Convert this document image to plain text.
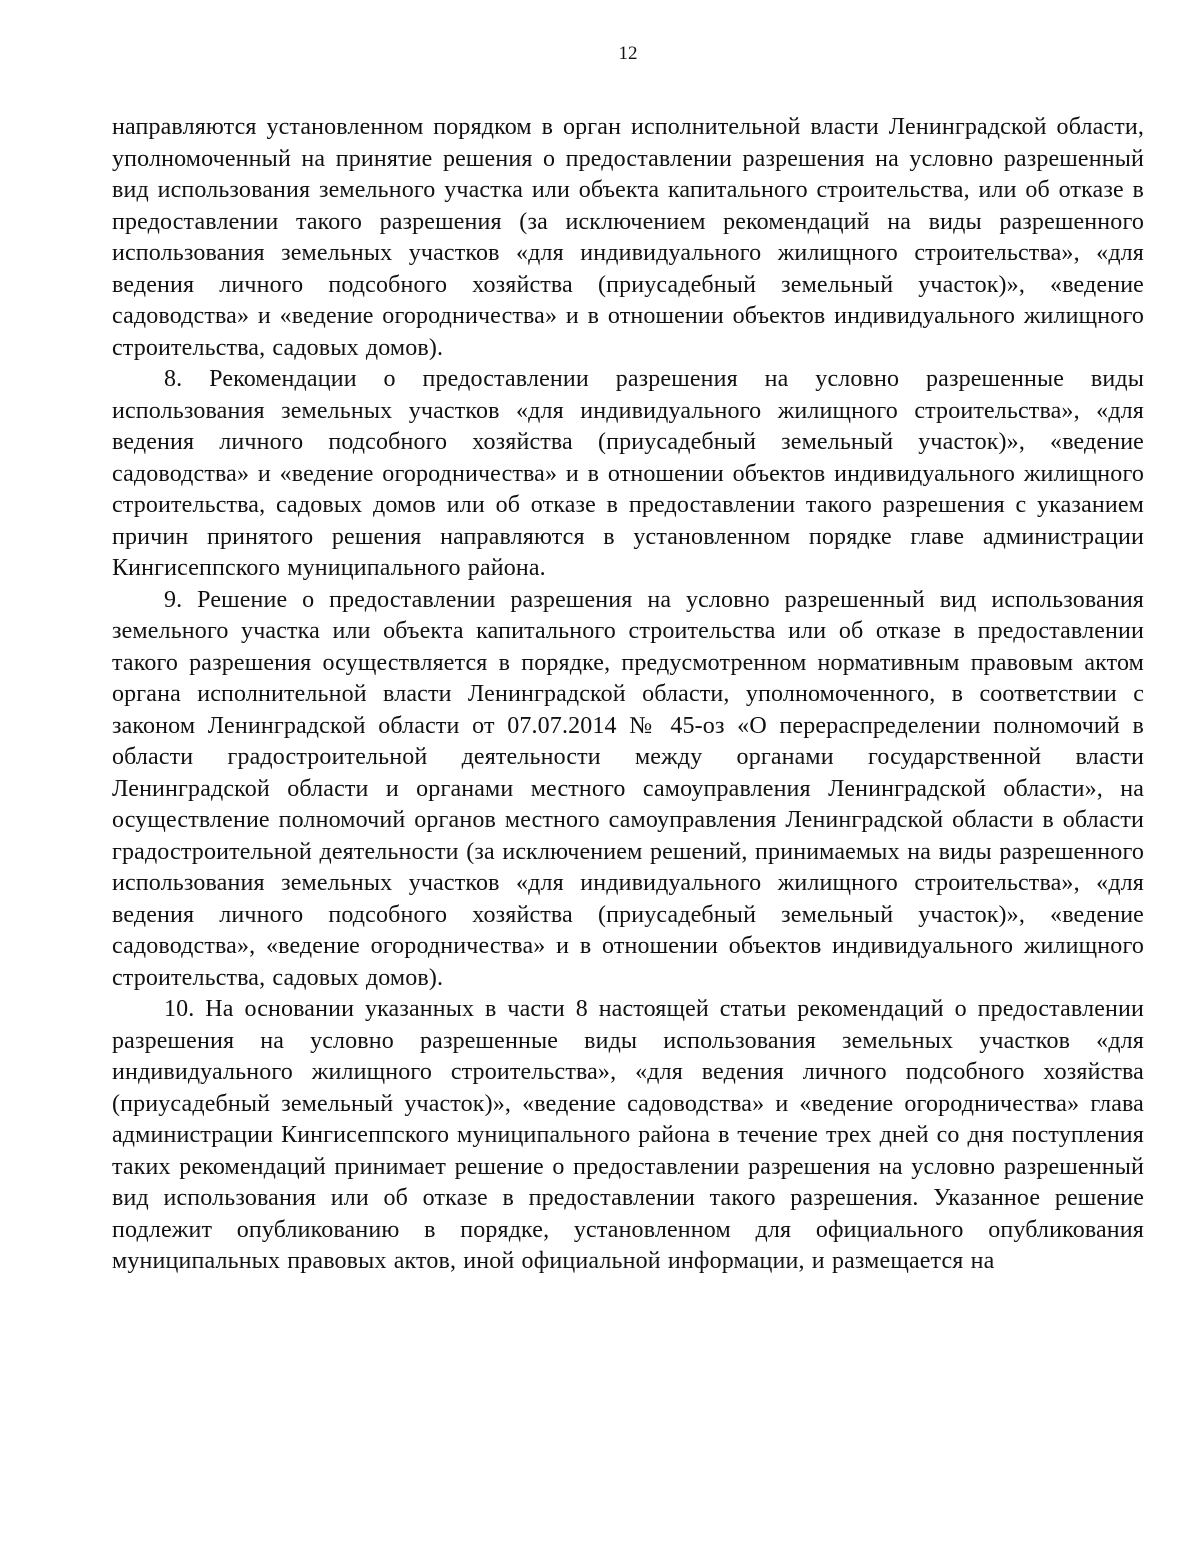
12

направляются установленном порядком в орган исполнительной власти Ленинградской области, уполномоченный на принятие решения о предоставлении разрешения на условно разрешенный вид использования земельного участка или объекта капитального строительства, или об отказе в предоставлении такого разрешения (за исключением рекомендаций на виды разрешенного использования земельных участков «для индивидуального жилищного строительства», «для ведения личного подсобного хозяйства (приусадебный земельный участок)», «ведение садоводства» и «ведение огородничества» и в отношении объектов индивидуального жилищного строительства, садовых домов).

8. Рекомендации о предоставлении разрешения на условно разрешенные виды использования земельных участков «для индивидуального жилищного строительства», «для ведения личного подсобного хозяйства (приусадебный земельный участок)», «ведение садоводства» и «ведение огородничества» и в отношении объектов индивидуального жилищного строительства, садовых домов или об отказе в предоставлении такого разрешения с указанием причин принятого решения направляются в установленном порядке главе администрации Кингисеппского муниципального района.

9. Решение о предоставлении разрешения на условно разрешенный вид использования земельного участка или объекта капитального строительства или об отказе в предоставлении такого разрешения осуществляется в порядке, предусмотренном нормативным правовым актом органа исполнительной власти Ленинградской области, уполномоченного, в соответствии с законом Ленинградской области от 07.07.2014 № 45-оз «О перераспределении полномочий в области градостроительной деятельности между органами государственной власти Ленинградской области и органами местного самоуправления Ленинградской области», на осуществление полномочий органов местного самоуправления Ленинградской области в области градостроительной деятельности (за исключением решений, принимаемых на виды разрешенного использования земельных участков «для индивидуального жилищного строительства», «для ведения личного подсобного хозяйства (приусадебный земельный участок)», «ведение садоводства», «ведение огородничества» и в отношении объектов индивидуального жилищного строительства, садовых домов).

10. На основании указанных в части 8 настоящей статьи рекомендаций о предоставлении разрешения на условно разрешенные виды использования земельных участков «для индивидуального жилищного строительства», «для ведения личного подсобного хозяйства (приусадебный земельный участок)», «ведение садоводства» и «ведение огородничества» глава администрации Кингисеппского муниципального района в течение трех дней со дня поступления таких рекомендаций принимает решение о предоставлении разрешения на условно разрешенный вид использования или об отказе в предоставлении такого разрешения. Указанное решение подлежит опубликованию в порядке, установленном для официального опубликования муниципальных правовых актов, иной официальной информации, и размещается на
